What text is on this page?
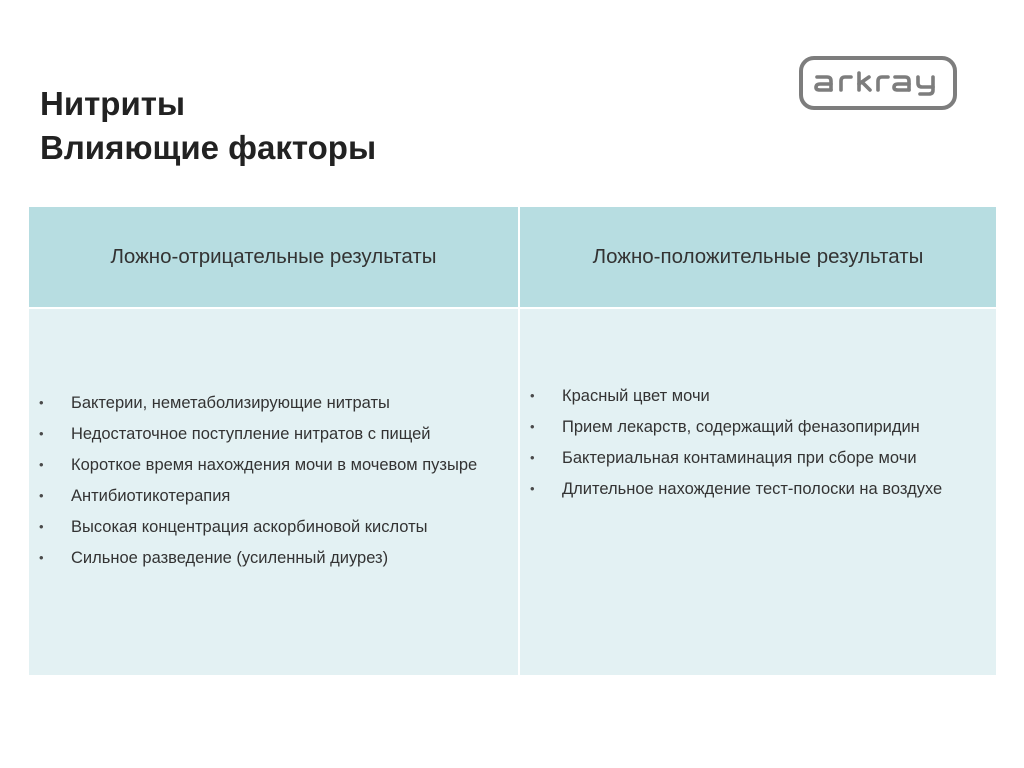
Нитриты
Влияющие факторы
Ложно-отрицательные результаты	Ложно-положительные результаты
• Бактерии, неметаболизирующие нитраты
• Недостаточное поступление нитратов с пищей
• Короткое время нахождения мочи в мочевом пузыре
• Антибиотикотерапия
• Высокая концентрация аскорбиновой кислоты
• Сильное разведение (усиленный диурез)
• Красный цвет мочи
• Прием лекарств, содержащий феназопиридин
• Бактериальная контаминация при сборе мочи
• Длительное нахождение тест-полоски на воздухе
